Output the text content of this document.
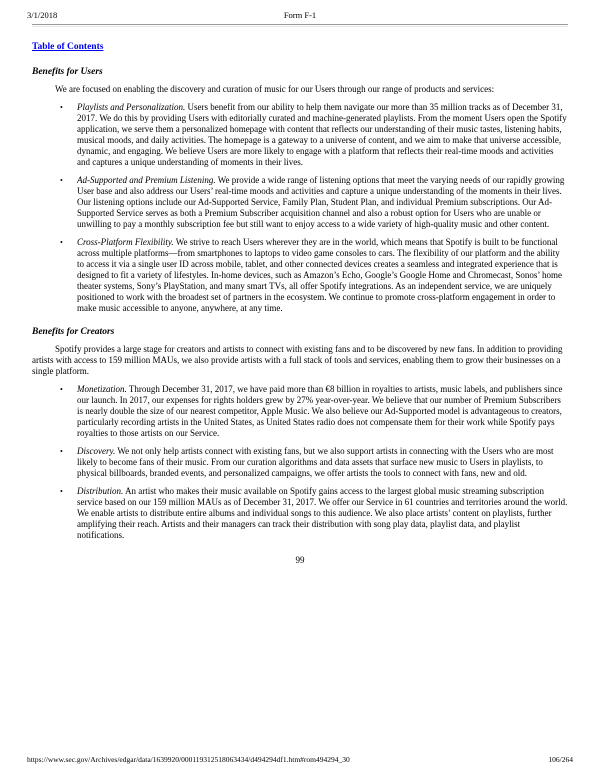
3/1/2018	Form F-1
Table of Contents
Benefits for Users

We are focused on enabling the discovery and curation of music for our Users through our range of products and services:

•	Playlists and Personalization. Users benefit from our ability to help them navigate our more than 35 million tracks as of December 31, 2017. We do this by providing Users with editorially curated and machine-generated playlists. From the moment Users open the Spotify application, we serve them a personalized homepage with content that reflects our understanding of their music tastes, listening habits, musical moods, and daily activities. The homepage is a gateway to a universe of content, and we aim to make that universe accessible, dynamic, and engaging. We believe Users are more likely to engage with a platform that reflects their real-time moods and activities and captures a unique understanding of moments in their lives.
•	Ad-Supported and Premium Listening. We provide a wide range of listening options that meet the varying needs of our rapidly growing User base and also address our Users’ real-time moods and activities and capture a unique understanding of the moments in their lives. Our listening options include our Ad-Supported Service, Family Plan, Student Plan, and individual Premium subscriptions. Our Ad-Supported Service serves as both a Premium Subscriber acquisition channel and also a robust option for Users who are unable or unwilling to pay a monthly subscription fee but still want to enjoy access to a wide variety of high-quality music and other content.
•	Cross-Platform Flexibility. We strive to reach Users wherever they are in the world, which means that Spotify is built to be functional across multiple platforms—from smartphones to laptops to video game consoles to cars. The flexibility of our platform and the ability to access it via a single user ID across mobile, tablet, and other connected devices creates a seamless and integrated experience that is designed to fit a variety of lifestyles. In-home devices, such as Amazon’s Echo, Google’s Google Home and Chromecast, Sonos’ home theater systems, Sony’s PlayStation, and many smart TVs, all offer Spotify integrations. As an independent service, we are uniquely positioned to work with the broadest set of partners in the ecosystem. We continue to promote cross-platform engagement in order to make music accessible to anyone, anywhere, at any time.
Benefits for Creators

Spotify provides a large stage for creators and artists to connect with existing fans and to be discovered by new fans. In addition to providing artists with access to 159 million MAUs, we also provide artists with a full stack of tools and services, enabling them to grow their businesses on a single platform.

•	Monetization. Through December 31, 2017, we have paid more than €8 billion in royalties to artists, music labels, and publishers since our launch. In 2017, our expenses for rights holders grew by 27% year-over-year. We believe that our number of Premium Subscribers is nearly double the size of our nearest competitor, Apple Music. We also believe our Ad-Supported model is advantageous to creators, particularly recording artists in the United States, as United States radio does not compensate them for their work while Spotify pays royalties to those artists on our Service.
•	Discovery. We not only help artists connect with existing fans, but we also support artists in connecting with the Users who are most likely to become fans of their music. From our curation algorithms and data assets that surface new music to Users in playlists, to physical billboards, branded events, and personalized campaigns, we offer artists the tools to connect with fans, new and old.
•	Distribution. An artist who makes their music available on Spotify gains access to the largest global music streaming subscription service based on our 159 million MAUs as of December 31, 2017. We offer our Service in 61 countries and territories around the world. We enable artists to distribute entire albums and individual songs to this audience. We also place artists’ content on playlists, further amplifying their reach. Artists and their managers can track their distribution with song play data, playlist data, and playlist notifications.
99
https://www.sec.gov/Archives/edgar/data/1639920/000119312518063434/d494294df1.htm#rom494294_30	106/264
